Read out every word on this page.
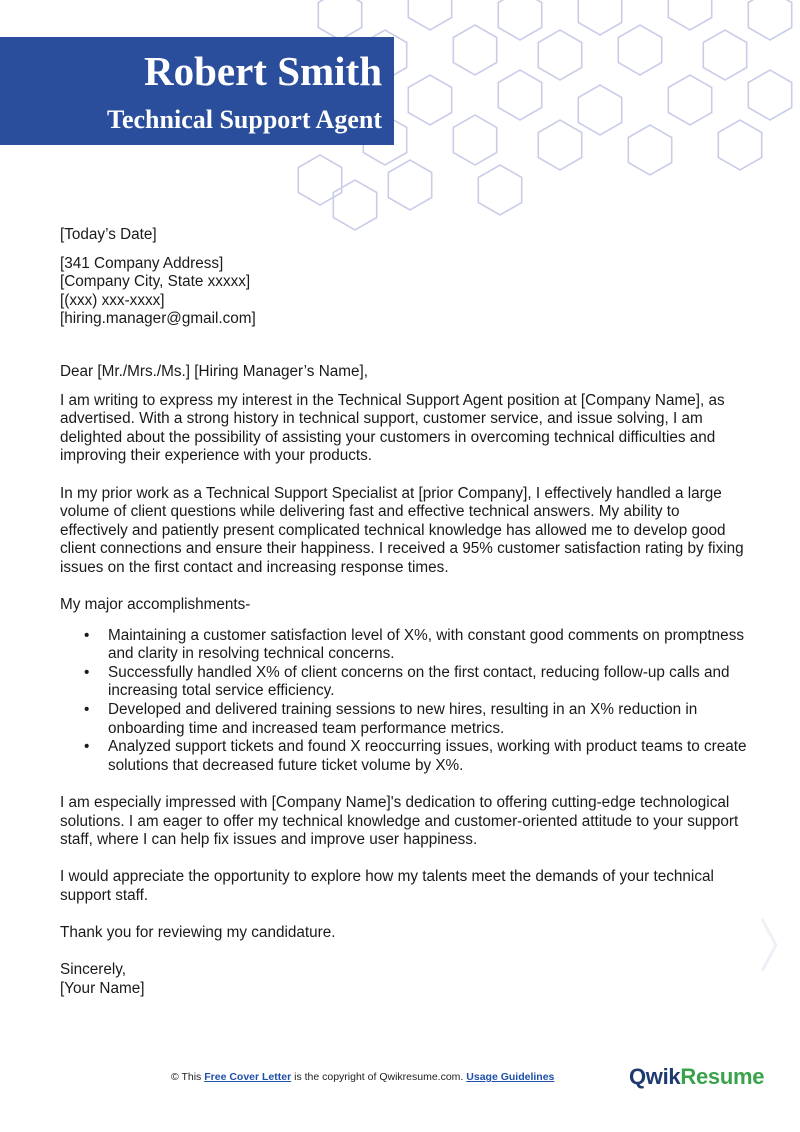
Robert Smith
Technical Support Agent

[Today’s Date]

[341 Company Address]

[Company City, State xxxxx]

[(xxx) xxx-xxxx]

[hiring.manager@gmail.com]

Dear [Mr./Mrs./Ms.] [Hiring Manager’s Name],

I am writing to express my interest in the Technical Support Agent position at [Company Name], as advertised. With a strong history in technical support, customer service, and issue solving, I am delighted about the possibility of assisting your customers in overcoming technical difficulties and improving their experience with your products.

In my prior work as a Technical Support Specialist at [prior Company], I effectively handled a large volume of client questions while delivering fast and effective technical answers. My ability to effectively and patiently present complicated technical knowledge has allowed me to develop good client connections and ensure their happiness. I received a 95% customer satisfaction rating by fixing issues on the first contact and increasing response times.

My major accomplishments-

• Maintaining a customer satisfaction level of X%, with constant good comments on promptness and clarity in resolving technical concerns.
• Successfully handled X% of client concerns on the first contact, reducing follow-up calls and increasing total service efficiency.
• Developed and delivered training sessions to new hires, resulting in an X% reduction in onboarding time and increased team performance metrics.
• Analyzed support tickets and found X reoccurring issues, working with product teams to create solutions that decreased future ticket volume by X%.

I am especially impressed with [Company Name]'s dedication to offering cutting-edge technological solutions. I am eager to offer my technical knowledge and customer-oriented attitude to your support staff, where I can help fix issues and improve user happiness.

I would appreciate the opportunity to explore how my talents meet the demands of your technical support staff.

Thank you for reviewing my candidature.

Sincerely,

[Your Name]

© This Free Cover Letter is the copyright of Qwikresume.com. Usage Guidelines	QwikResume
